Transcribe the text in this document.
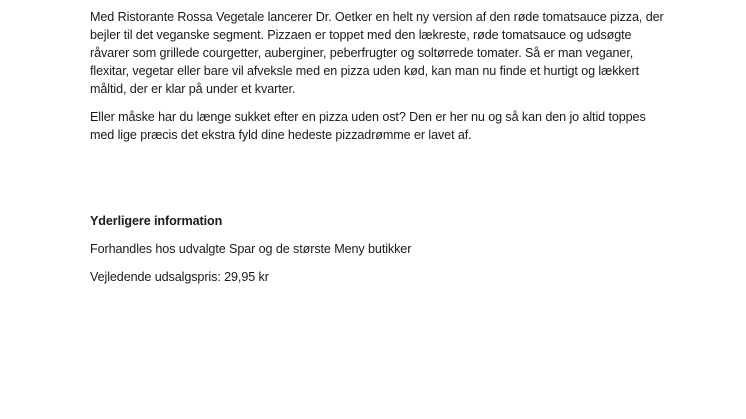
Med Ristorante Rossa Vegetale lancerer Dr. Oetker en helt ny version af den røde tomatsauce pizza, der bejler til det veganske segment. Pizzaen er toppet med den lækreste, røde tomatsauce og udsøgte råvarer som grillede courgetter, auberginer, peberfrugter og soltørrede tomater. Så er man veganer, flexitar, vegetar eller bare vil afveksle med en pizza uden kød, kan man nu finde et hurtigt og lækkert måltid, der er klar på under et kvarter.

Eller måske har du længe sukket efter en pizza uden ost? Den er her nu og så kan den jo altid toppes med lige præcis det ekstra fyld dine hedeste pizzadrømme er lavet af.

Yderligere information

Forhandles hos udvalgte Spar og de største Meny butikker

Vejledende udsalgspris: 29,95 kr
